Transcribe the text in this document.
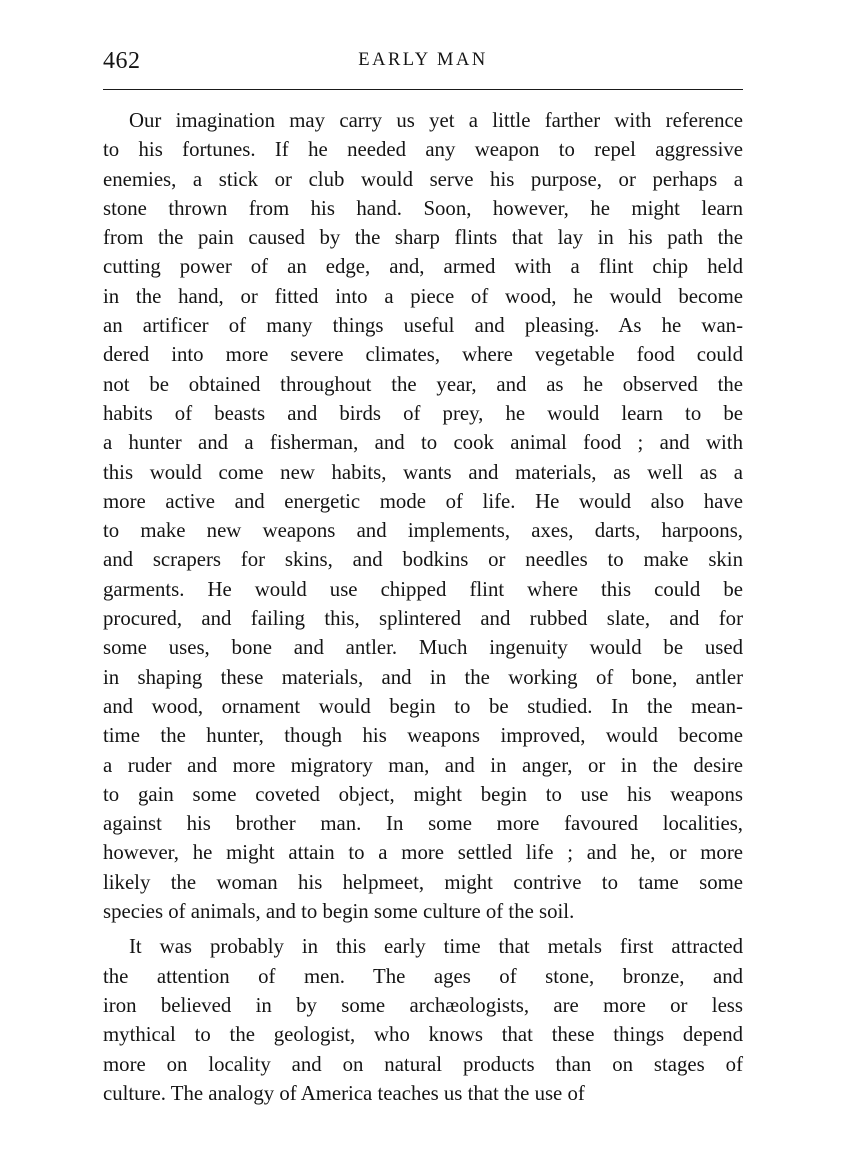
462	EARLY MAN
Our imagination may carry us yet a little farther with reference
to his fortunes. If he needed any weapon to repel aggressive
enemies, a stick or club would serve his purpose, or perhaps a
stone thrown from his hand. Soon, however, he might learn
from the pain caused by the sharp flints that lay in his path the
cutting power of an edge, and, armed with a flint chip held
in the hand, or fitted into a piece of wood, he would become
an artificer of many things useful and pleasing. As he wan-
dered into more severe climates, where vegetable food could
not be obtained throughout the year, and as he observed the
habits of beasts and birds of prey, he would learn to be
a hunter and a fisherman, and to cook animal food ; and with
this would come new habits, wants and materials, as well as a
more active and energetic mode of life. He would also have
to make new weapons and implements, axes, darts, harpoons,
and scrapers for skins, and bodkins or needles to make skin
garments. He would use chipped flint where this could be
procured, and failing this, splintered and rubbed slate, and for
some uses, bone and antler. Much ingenuity would be used
in shaping these materials, and in the working of bone, antler
and wood, ornament would begin to be studied. In the mean-
time the hunter, though his weapons improved, would become
a ruder and more migratory man, and in anger, or in the desire
to gain some coveted object, might begin to use his weapons
against his brother man. In some more favoured localities,
however, he might attain to a more settled life ; and he, or more
likely the woman his helpmeet, might contrive to tame some
species of animals, and to begin some culture of the soil.
It was probably in this early time that metals first attracted
the attention of men. The ages of stone, bronze, and
iron believed in by some archæologists, are more or less
mythical to the geologist, who knows that these things depend
more on locality and on natural products than on stages of
culture. The analogy of America teaches us that the use of
